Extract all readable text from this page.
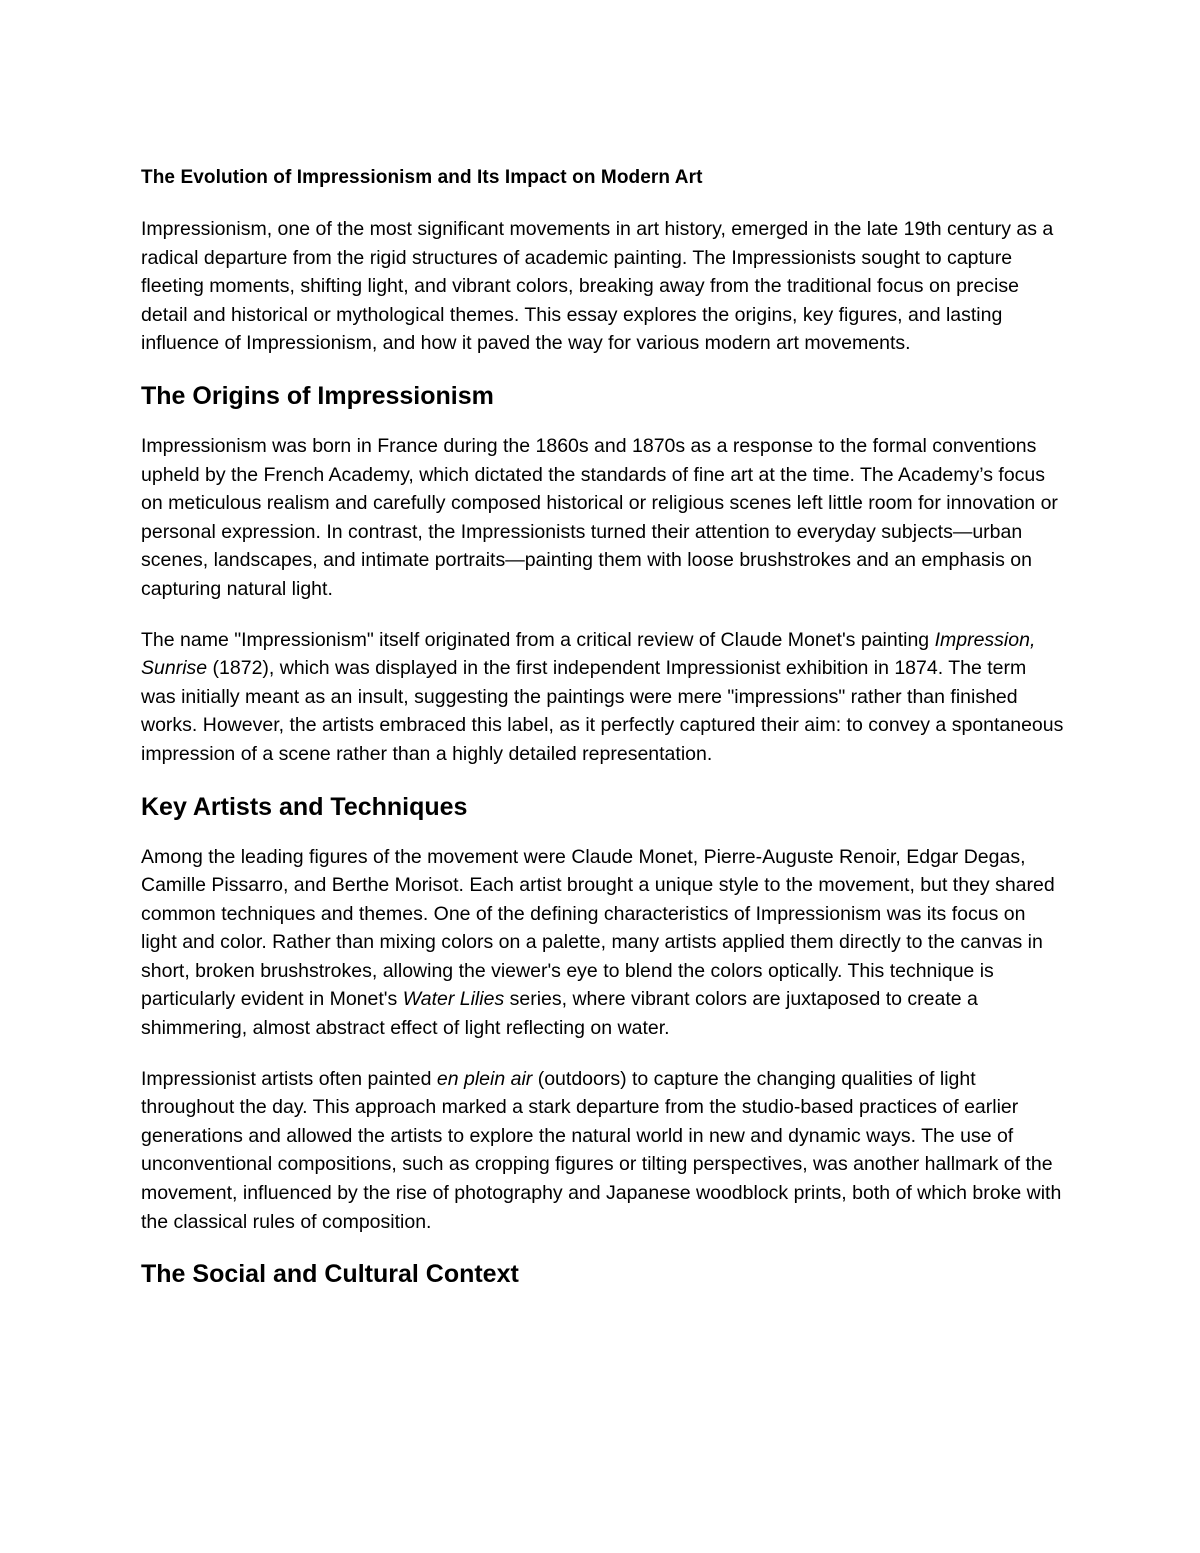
The Evolution of Impressionism and Its Impact on Modern Art

Impressionism, one of the most significant movements in art history, emerged in the late 19th century as a radical departure from the rigid structures of academic painting. The Impressionists sought to capture fleeting moments, shifting light, and vibrant colors, breaking away from the traditional focus on precise detail and historical or mythological themes. This essay explores the origins, key figures, and lasting influence of Impressionism, and how it paved the way for various modern art movements.

The Origins of Impressionism

Impressionism was born in France during the 1860s and 1870s as a response to the formal conventions upheld by the French Academy, which dictated the standards of fine art at the time. The Academy’s focus on meticulous realism and carefully composed historical or religious scenes left little room for innovation or personal expression. In contrast, the Impressionists turned their attention to everyday subjects—urban scenes, landscapes, and intimate portraits—painting them with loose brushstrokes and an emphasis on capturing natural light.

The name "Impressionism" itself originated from a critical review of Claude Monet's painting Impression, Sunrise (1872), which was displayed in the first independent Impressionist exhibition in 1874. The term was initially meant as an insult, suggesting the paintings were mere "impressions" rather than finished works. However, the artists embraced this label, as it perfectly captured their aim: to convey a spontaneous impression of a scene rather than a highly detailed representation.

Key Artists and Techniques

Among the leading figures of the movement were Claude Monet, Pierre-Auguste Renoir, Edgar Degas, Camille Pissarro, and Berthe Morisot. Each artist brought a unique style to the movement, but they shared common techniques and themes. One of the defining characteristics of Impressionism was its focus on light and color. Rather than mixing colors on a palette, many artists applied them directly to the canvas in short, broken brushstrokes, allowing the viewer's eye to blend the colors optically. This technique is particularly evident in Monet's Water Lilies series, where vibrant colors are juxtaposed to create a shimmering, almost abstract effect of light reflecting on water.

Impressionist artists often painted en plein air (outdoors) to capture the changing qualities of light throughout the day. This approach marked a stark departure from the studio-based practices of earlier generations and allowed the artists to explore the natural world in new and dynamic ways. The use of unconventional compositions, such as cropping figures or tilting perspectives, was another hallmark of the movement, influenced by the rise of photography and Japanese woodblock prints, both of which broke with the classical rules of composition.

The Social and Cultural Context
